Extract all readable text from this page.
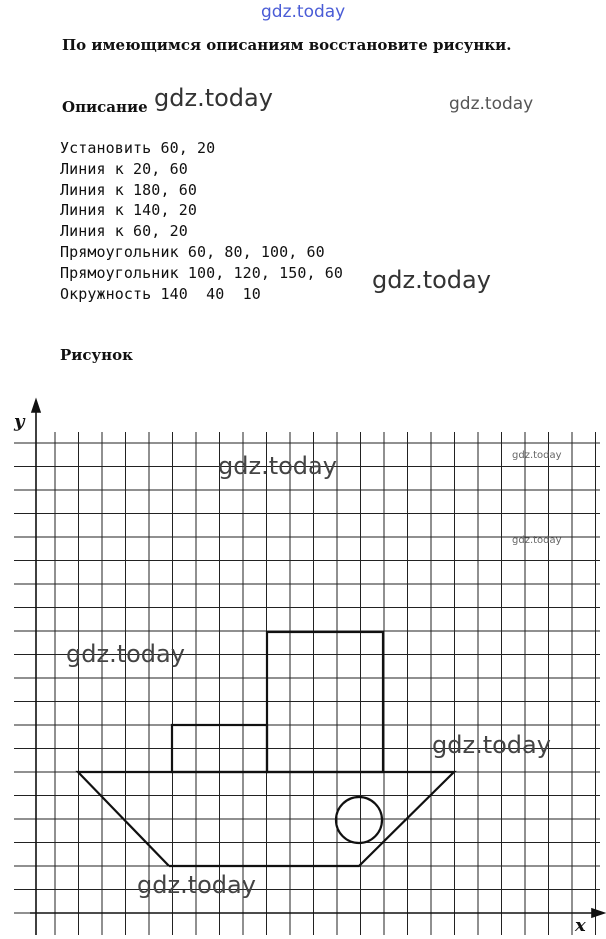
gdz.today
По имеющимся описаниям восстановите рисунки.
Описание
Установить 60, 20
Линия к 20, 60
Линия к 180, 60
Линия к 140, 20
Линия к 60, 20
Прямоугольник 60, 80, 100, 60
Прямоугольник 100, 120, 150, 60
Окружность 140  40  10
Рисунок
y
x
gdz.today	gdz.today
gdz.today
gdz.today	gdz.today
gdz.today
gdz.today
gdz.today
gdz.today
